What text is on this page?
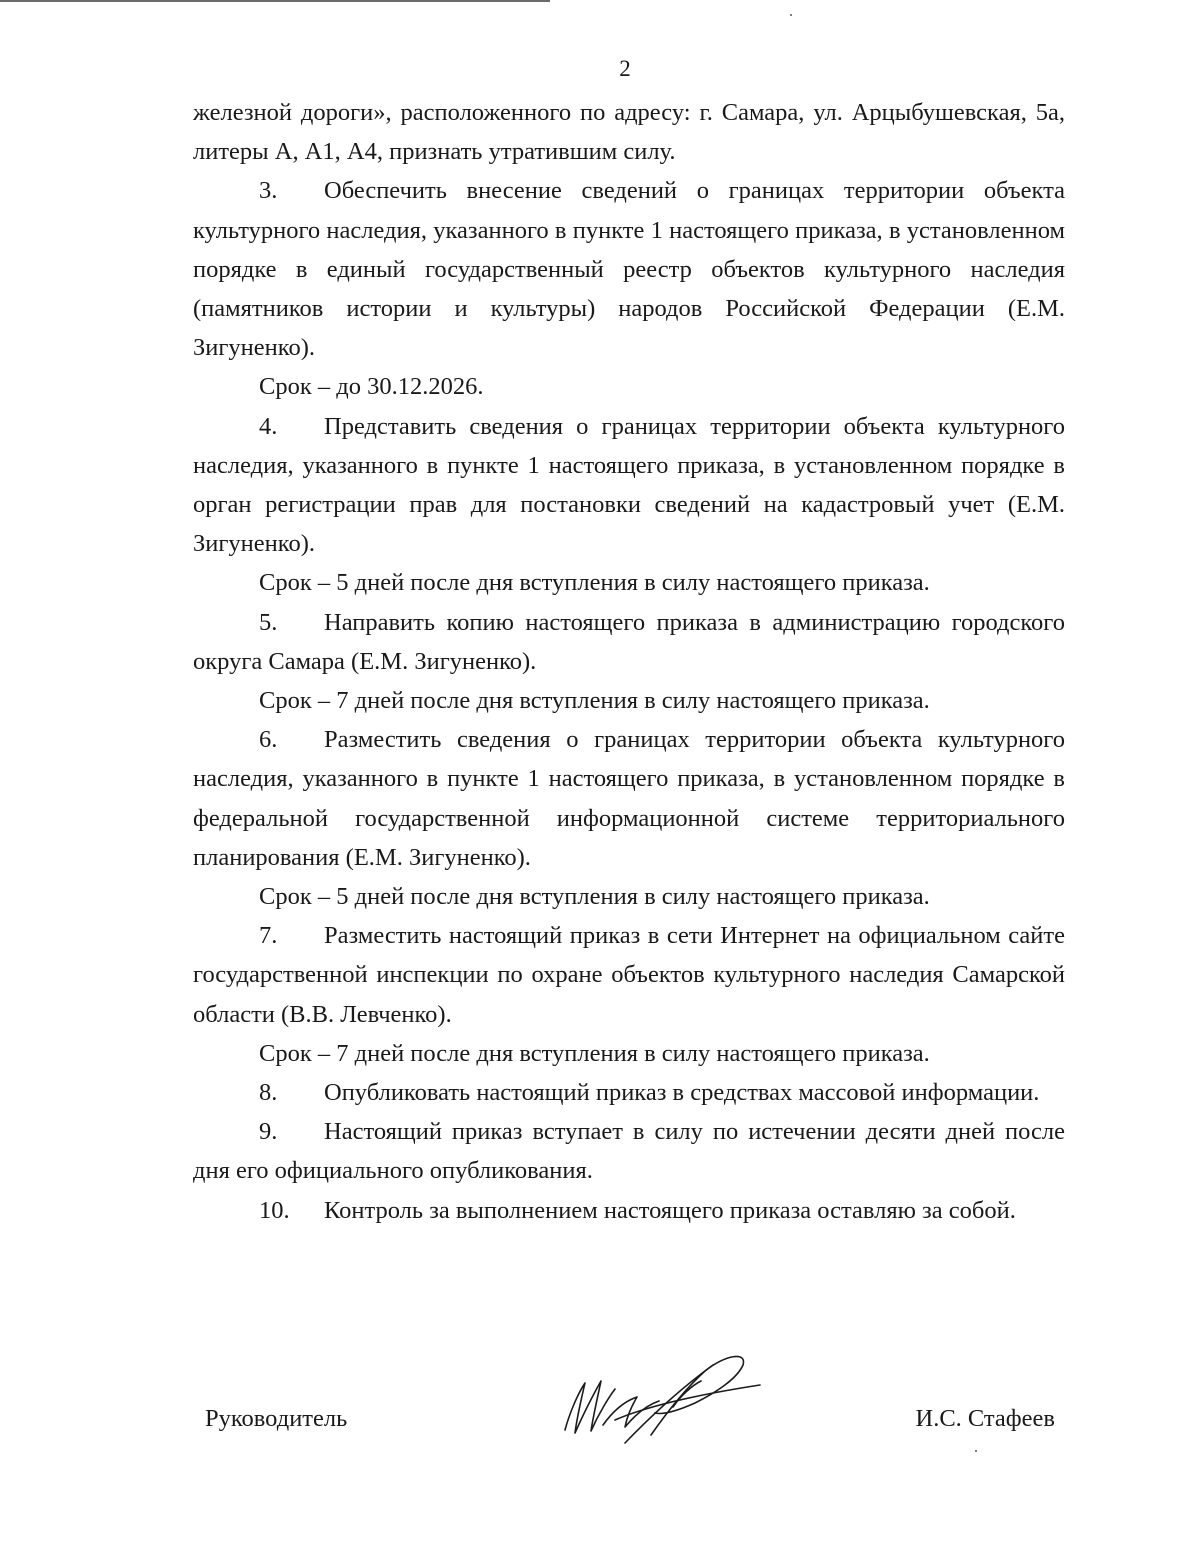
2

железной дороги», расположенного по адресу: г. Самара, ул. Арцыбушевская, 5а, литеры А, А1, А4, признать утратившим силу.

3. Обеспечить внесение сведений о границах территории объекта культурного наследия, указанного в пункте 1 настоящего приказа, в установленном порядке в единый государственный реестр объектов культурного наследия (памятников истории и культуры) народов Российской Федерации (Е.М. Зигуненко).

Срок – до 30.12.2026.

4. Представить сведения о границах территории объекта культурного наследия, указанного в пункте 1 настоящего приказа, в установленном порядке в орган регистрации прав для постановки сведений на кадастровый учет (Е.М. Зигуненко).

Срок – 5 дней после дня вступления в силу настоящего приказа.

5. Направить копию настоящего приказа в администрацию городского округа Самара (Е.М. Зигуненко).

Срок – 7 дней после дня вступления в силу настоящего приказа.

6. Разместить сведения о границах территории объекта культурного наследия, указанного в пункте 1 настоящего приказа, в установленном порядке в федеральной государственной информационной системе территориального планирования (Е.М. Зигуненко).

Срок – 5 дней после дня вступления в силу настоящего приказа.

7. Разместить настоящий приказ в сети Интернет на официальном сайте государственной инспекции по охране объектов культурного наследия Самарской области (В.В. Левченко).

Срок – 7 дней после дня вступления в силу настоящего приказа.

8. Опубликовать настоящий приказ в средствах массовой информации.

9. Настоящий приказ вступает в силу по истечении десяти дней после дня его официального опубликования.

10. Контроль за выполнением настоящего приказа оставляю за собой.

Руководитель	И.С. Стафеев
